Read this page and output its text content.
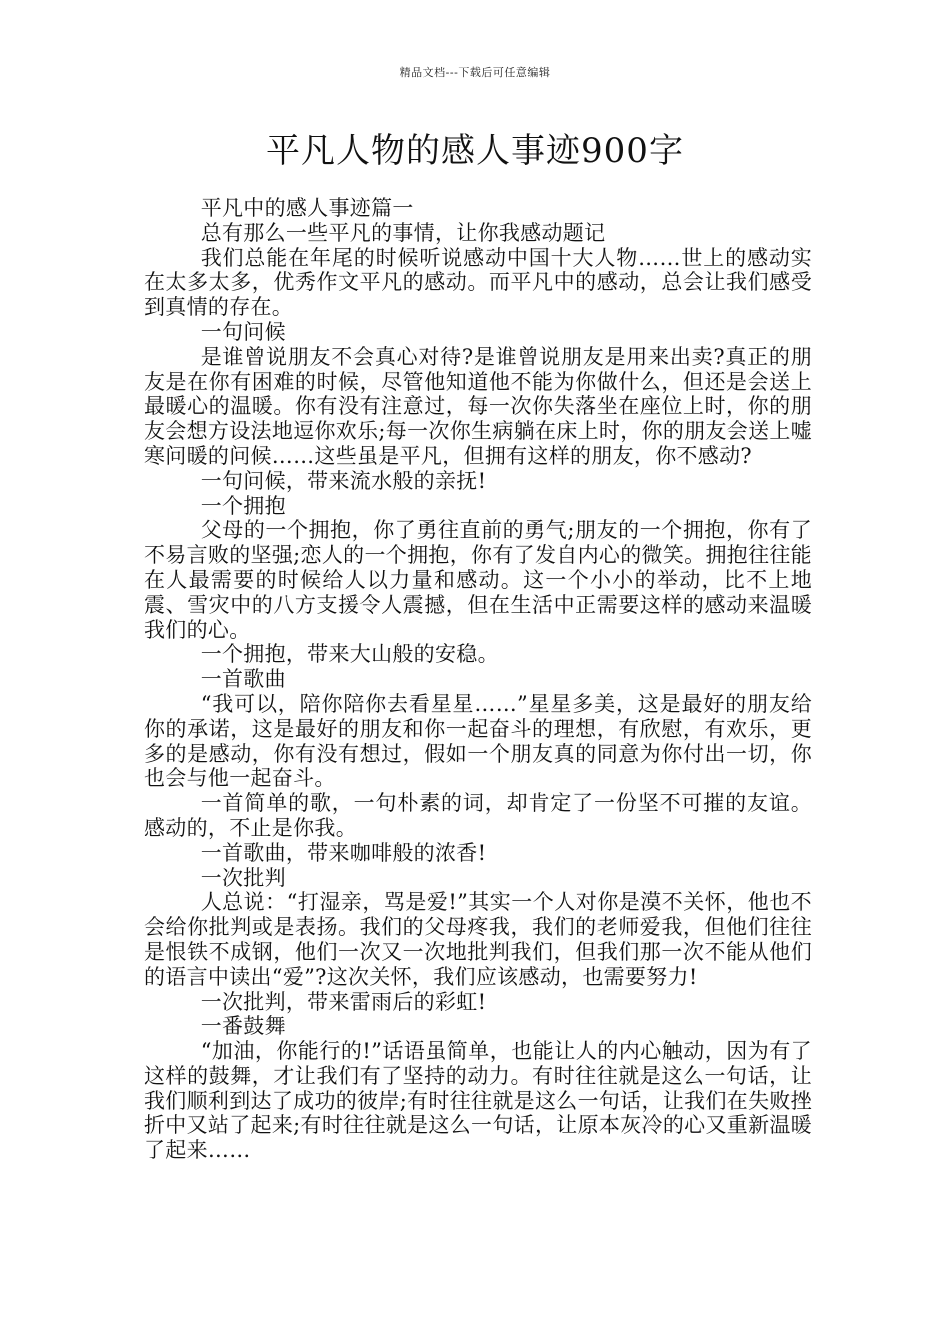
精品文档---下载后可任意编辑
平凡人物的感人事迹900字

平凡中的感人事迹篇一

总有那么一些平凡的事情，让你我感动题记

我们总能在年尾的时候听说感动中国十大人物……世上的感动实在太多太多，优秀作文平凡的感动。而平凡中的感动，总会让我们感受到真情的存在。

一句问候

是谁曾说朋友不会真心对待?是谁曾说朋友是用来出卖?真正的朋友是在你有困难的时候，尽管他知道他不能为你做什么，但还是会送上最暖心的温暖。你有没有注意过，每一次你失落坐在座位上时，你的朋友会想方设法地逗你欢乐;每一次你生病躺在床上时，你的朋友会送上嘘寒问暖的问候……这些虽是平凡，但拥有这样的朋友，你不感动?

一句问候，带来流水般的亲抚!

一个拥抱

父母的一个拥抱，你了勇往直前的勇气;朋友的一个拥抱，你有了不易言败的坚强;恋人的一个拥抱，你有了发自内心的微笑。拥抱往往能在人最需要的时候给人以力量和感动。这一个小小的举动，比不上地震、雪灾中的八方支援令人震撼，但在生活中正需要这样的感动来温暖我们的心。

一个拥抱，带来大山般的安稳。

一首歌曲

“我可以，陪你陪你去看星星……”星星多美，这是最好的朋友给你的承诺，这是最好的朋友和你一起奋斗的理想，有欣慰，有欢乐，更多的是感动，你有没有想过，假如一个朋友真的同意为你付出一切，你也会与他一起奋斗。

一首简单的歌，一句朴素的词，却肯定了一份坚不可摧的友谊。感动的，不止是你我。

一首歌曲，带来咖啡般的浓香!

一次批判

人总说：“打湿亲，骂是爱!”其实一个人对你是漠不关怀，他也不会给你批判或是表扬。我们的父母疼我，我们的老师爱我，但他们往往是恨铁不成钢，他们一次又一次地批判我们，但我们那一次不能从他们的语言中读出“爱”?这次关怀，我们应该感动，也需要努力!

一次批判，带来雷雨后的彩虹!

一番鼓舞

“加油，你能行的!”话语虽简单，也能让人的内心触动，因为有了这样的鼓舞，才让我们有了坚持的动力。有时往往就是这么一句话，让我们顺利到达了成功的彼岸;有时往往就是这么一句话，让我们在失败挫折中又站了起来;有时往往就是这么一句话，让原本灰冷的心又重新温暖了起来……
